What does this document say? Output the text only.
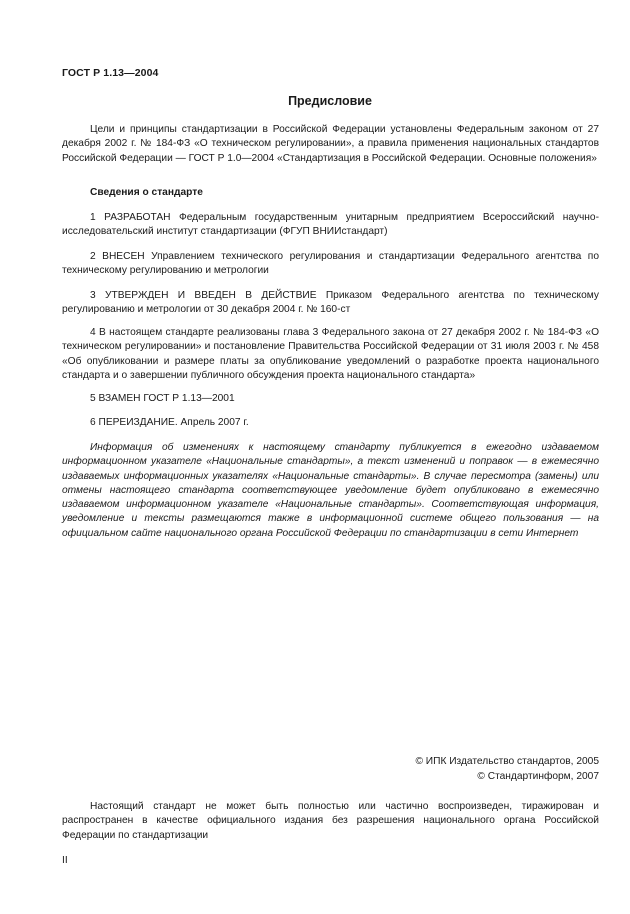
ГОСТ Р 1.13—2004
Предисловие

Цели и принципы стандартизации в Российской Федерации установлены Федеральным законом от 27 декабря 2002 г. № 184-ФЗ «О техническом регулировании», а правила применения национальных стандартов Российской Федерации — ГОСТ Р 1.0—2004 «Стандартизация в Российской Федерации. Основные положения»

Сведения о стандарте

1 РАЗРАБОТАН Федеральным государственным унитарным предприятием Всероссийский научно-исследовательский институт стандартизации (ФГУП ВНИИстандарт)

2 ВНЕСЕН Управлением технического регулирования и стандартизации Федерального агентства по техническому регулированию и метрологии

3 УТВЕРЖДЕН И ВВЕДЕН В ДЕЙСТВИЕ Приказом Федерального агентства по техническому регулированию и метрологии от 30 декабря 2004 г. № 160-ст

4 В настоящем стандарте реализованы глава 3 Федерального закона от 27 декабря 2002 г. № 184-ФЗ «О техническом регулировании» и постановление Правительства Российской Федерации от 31 июля 2003 г. № 458 «Об опубликовании и размере платы за опубликование уведомлений о разработке проекта национального стандарта и о завершении публичного обсуждения проекта национального стандарта»

5 ВЗАМЕН ГОСТ Р 1.13—2001

6 ПЕРЕИЗДАНИЕ. Апрель 2007 г.

Информация об изменениях к настоящему стандарту публикуется в ежегодно издаваемом информационном указателе «Национальные стандарты», а текст изменений и поправок — в ежемесячно издаваемых информационных указателях «Национальные стандарты». В случае пересмотра (замены) или отмены настоящего стандарта соответствующее уведомление будет опубликовано в ежемесячно издаваемом информационном указателе «Национальные стандарты». Соответствующая информация, уведомление и тексты размещаются также в информационной системе общего пользования — на официальном сайте национального органа Российской Федерации по стандартизации в сети Интернет

© ИПК Издательство стандартов, 2005
© Стандартинформ, 2007

Настоящий стандарт не может быть полностью или частично воспроизведен, тиражирован и распространен в качестве официального издания без разрешения национального органа Российской Федерации по стандартизации

II
